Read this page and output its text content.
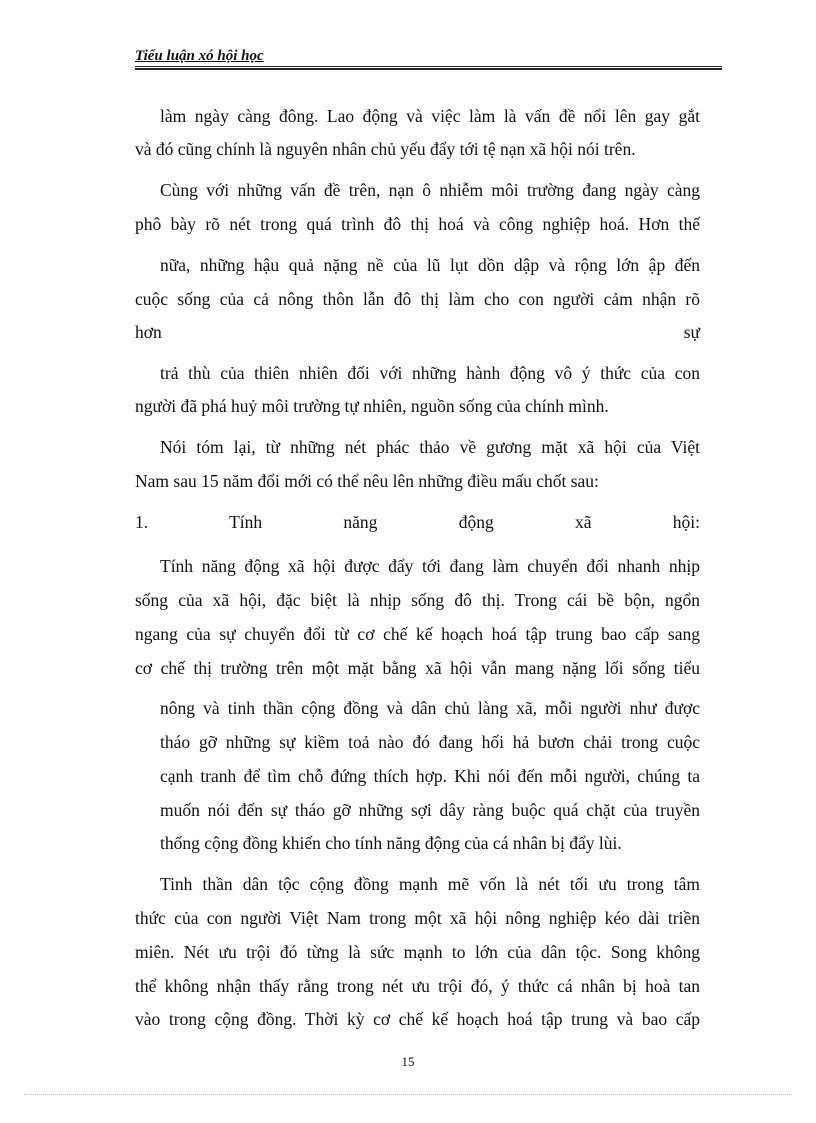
Tiểu luận xó hội học
làm ngày càng đông. Lao động và việc làm là vấn đề nổi lên gay gắt
và đó cũng chính là nguyên nhân chủ yếu đẩy tới tệ nạn xã hội nói trên.
Cùng với những vấn đề trên, nạn ô nhiễm môi trường đang ngày càng
phô bày rõ nét trong quá trình đô thị hoá và công nghiệp hoá. Hơn thế
nữa, những hậu quả nặng nề của lũ lụt dồn dập và rộng lớn ập đến
cuộc sống của cả nông thôn lẫn đô thị làm cho con người cảm nhận rõ
hơn sự
trả thù của thiên nhiên đối với những hành động vô ý thức của con
người đã phá huỷ môi trường tự nhiên, nguồn sống của chính mình.
Nói tóm lại, từ những nét phác thảo về gương mặt xã hội của Việt
Nam sau 15 năm đổi mới có thể nêu lên những điều mấu chốt sau:
1. Tính năng động xã hội:
Tính năng động xã hội được đẩy tới đang làm chuyển đổi nhanh nhịp
sống của xã hội, đặc biệt là nhịp sống đô thị. Trong cái bề bộn, ngổn
ngang của sự chuyển đổi từ cơ chế kế hoạch hoá tập trung bao cấp sang
cơ chế thị trường trên một mặt bằng xã hội vẫn mang nặng lối sống tiểu
nông và tinh thần cộng đồng và dân chủ làng xã, mỗi người như được
tháo gỡ những sự kiềm toả nào đó đang hối hả bươn chải trong cuộc
cạnh tranh để tìm chỗ đứng thích hợp. Khi nói đến mỗi người, chúng ta
muốn nói đến sự tháo gỡ những sợi dây ràng buộc quá chặt của truyền
thống cộng đồng khiến cho tính năng động của cá nhân bị đẩy lùi.
Tinh thần dân tộc cộng đồng mạnh mẽ vốn là nét tối ưu trong tâm
thức của con người Việt Nam trong một xã hội nông nghiệp kéo dài triền
miên. Nét ưu trội đó từng là sức mạnh to lớn của dân tộc. Song không
thể không nhận thấy rằng trong nét ưu trội đó, ý thức cá nhân bị hoà tan
vào trong cộng đồng. Thời kỳ cơ chế kế hoạch hoá tập trung và bao cấp
15
